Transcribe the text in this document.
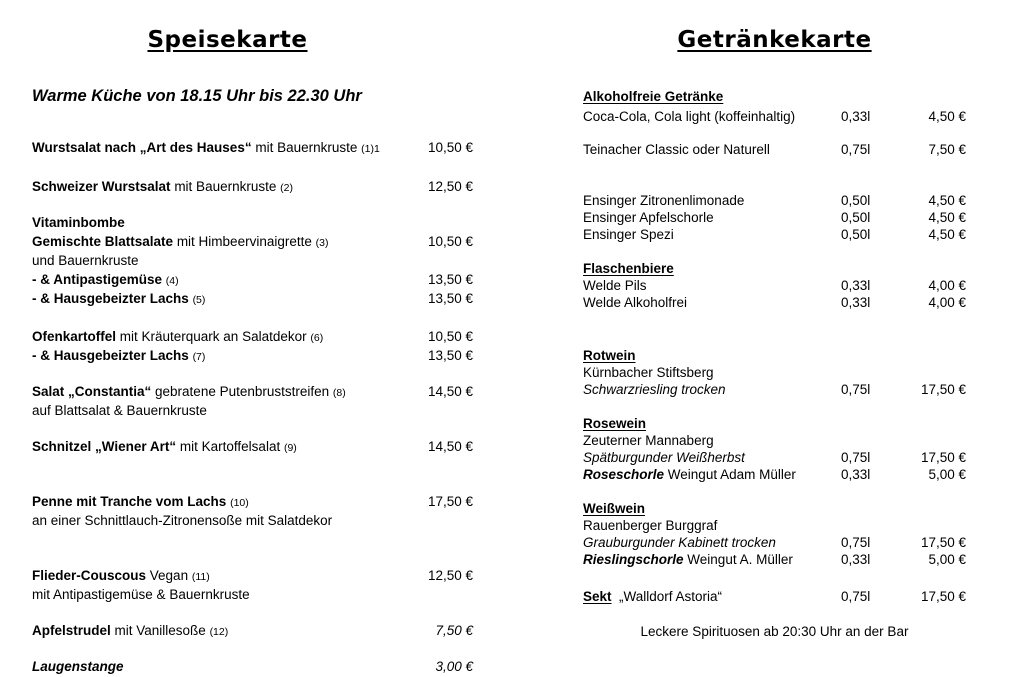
Speisekarte
Warme Küche von 18.15 Uhr bis 22.30 Uhr
Wurstsalat nach „Art des Hauses“ mit Bauernkruste (1)1	10,50 €
Schweizer Wurstsalat mit Bauernkruste (2)	12,50 €
Vitaminbombe
Gemischte Blattsalate mit Himbeervinaigrette (3)	10,50 €
und Bauernkruste
- & Antipastigemüse (4)	13,50 €
- & Hausgebeizter Lachs (5)	13,50 €
Ofenkartoffel mit Kräuterquark an Salatdekor (6)	10,50 €
- & Hausgebeizter Lachs (7)	13,50 €
Salat „Constantia“ gebratene Putenbruststreifen (8)	14,50 €
auf Blattsalat & Bauernkruste
Schnitzel „Wiener Art“ mit Kartoffelsalat (9)	14,50 €
Penne mit Tranche vom Lachs (10)	17,50 €
an einer Schnittlauch-Zitronensoße mit Salatdekor
Flieder-Couscous Vegan (11)	12,50 €
mit Antipastigemüse & Bauernkruste
Apfelstrudel mit Vanillesoße (12)	7,50 €
Laugenstange	3,00 €
Getränkekarte
Alkoholfreie Getränke
Coca-Cola, Cola light (koffeinhaltig)	0,33l	4,50 €
Teinacher Classic oder Naturell	0,75l	7,50 €
Ensinger Zitronenlimonade	0,50l	4,50 €
Ensinger Apfelschorle	0,50l	4,50 €
Ensinger Spezi	0,50l	4,50 €
Flaschenbiere
Welde Pils	0,33l	4,00 €
Welde Alkoholfrei	0,33l	4,00 €
Rotwein
Kürnbacher Stiftsberg
Schwarzriesling trocken	0,75l	17,50 €
Rosewein
Zeuterner Mannaberg
Spätburgunder Weißherbst	0,75l	17,50 €
Roseschorle Weingut Adam Müller	0,33l	5,00 €
Weißwein
Rauenberger Burggraf
Grauburgunder Kabinett trocken	0,75l	17,50 €
Rieslingschorle Weingut A. Müller	0,33l	5,00 €
Sekt  „Walldorf Astoria“	0,75l	17,50 €
Leckere Spirituosen ab 20:30 Uhr an der Bar
